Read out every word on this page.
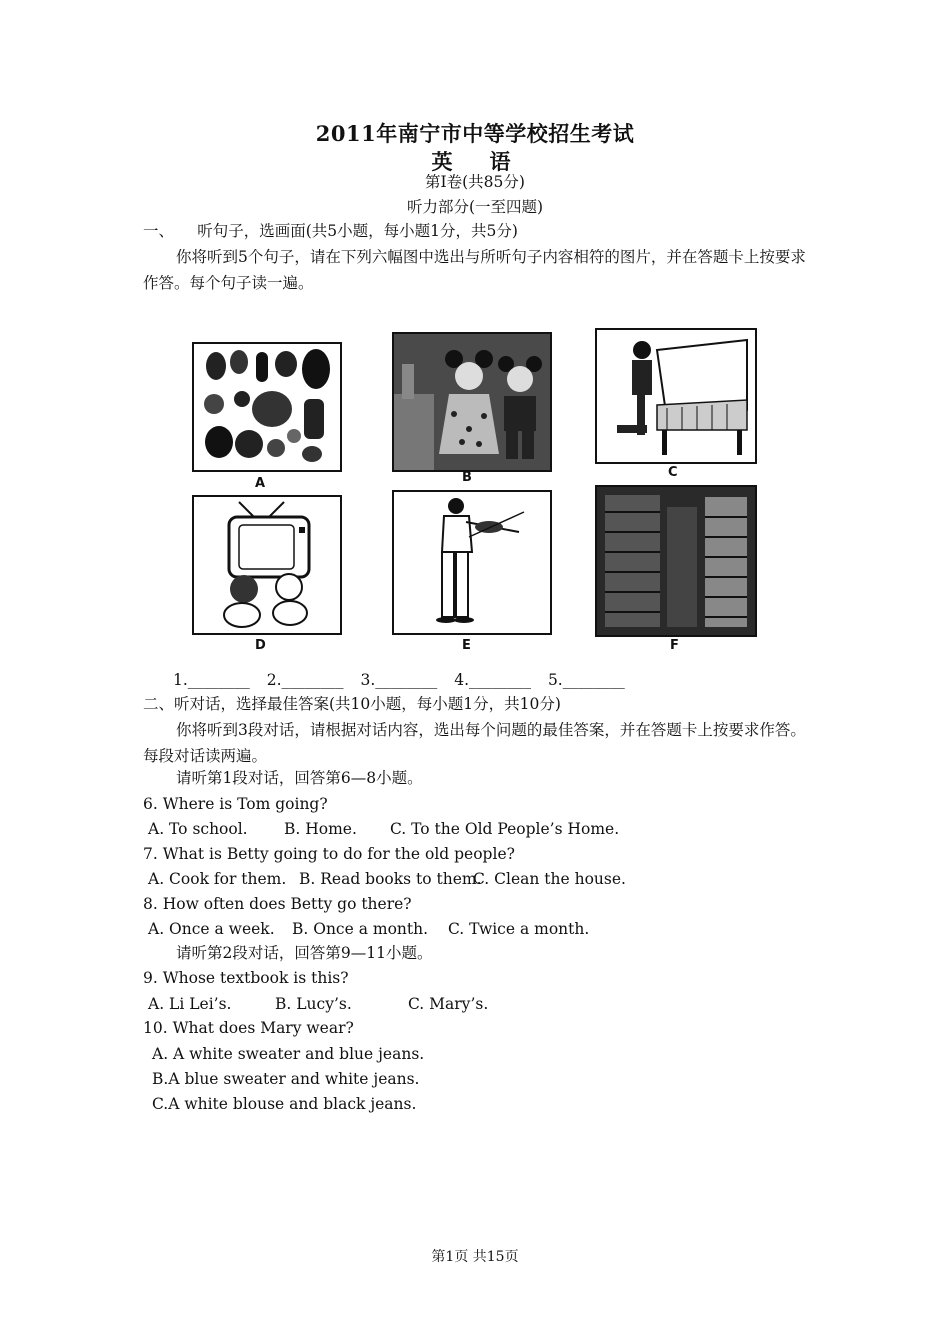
2011年南宁市中等学校招生考试
英　语
第Ⅰ卷(共85分)
听力部分(一至四题)
一、　　听句子，选画面(共5小题，每小题1分，共5分)
你将听到5个句子，请在下列六幅图中选出与所听句子内容相符的图片，并在答题卡上按要求作答。每个句子读一遍。
A	B	C
D	E	F
1.________ 2.________ 3.________ 4.________ 5.________
二、听对话，选择最佳答案(共10小题，每小题1分，共10分)
你将听到3段对话，请根据对话内容，选出每个问题的最佳答案，并在答题卡上按要求作答。每段对话读两遍。
请听第1段对话，回答第6—8小题。
6. Where is Tom going?
A. To school. B. Home. C. To the Old People’s Home.
7. What is Betty going to do for the old people?
A. Cook for them. B. Read books to them.
C. Clean the house.
8. How often does Betty go there?
A. Once a week. B. Once a month. C. Twice a month.
请听第2段对话，回答第9—11小题。
9. Whose textbook is this?
A. Li Lei’s.	B. Lucy’s.	C. Mary’s.
10. What does Mary wear?
A. A white sweater and blue jeans.
B.A blue sweater and white jeans.
C.A white blouse and black jeans.
第1页 共15页
